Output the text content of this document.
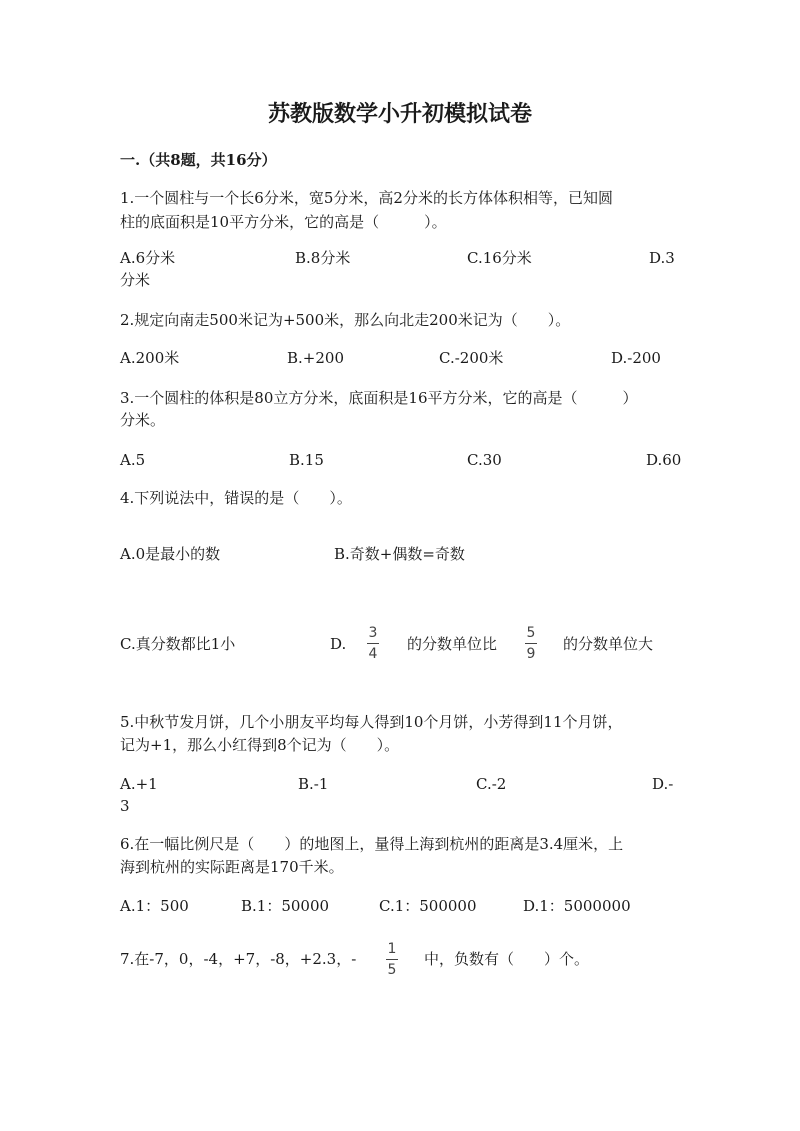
苏教版数学小升初模拟试卷
一.（共8题，共16分）
1.一个圆柱与一个长6分米，宽5分米，高2分米的长方体体积相等，已知圆
柱的底面积是10平方分米，它的高是（　　　）。
A.6分米	B.8分米	C.16分米	D.3
分米
2.规定向南走500米记为+500米，那么向北走200米记为（　　）。
A.200米	B.+200	C.-200米	D.-200
3.一个圆柱的体积是80立方分米，底面积是16平方分米，它的高是（　　　）
分米。
A.5	B.15	C.30	D.60
4.下列说法中，错误的是（　　）。
A.0是最小的数	B.奇数+偶数=奇数
C.真分数都比1小	D.
3
4
的分数单位比
5
9
的分数单位大
5.中秋节发月饼，几个小朋友平均每人得到10个月饼，小芳得到11个月饼，
记为+1，那么小红得到8个记为（　　）。
A.+1	B.-1	C.-2	D.-
3
6.在一幅比例尺是（　　）的地图上，量得上海到杭州的距离是3.4厘米，上
海到杭州的实际距离是170千米。
A.1：500	B.1：50000	C.1：500000	D.1：5000000
7.在-7，0，-4，+7，-8，+2.3，-
1
5
中，负数有（　　）个。
